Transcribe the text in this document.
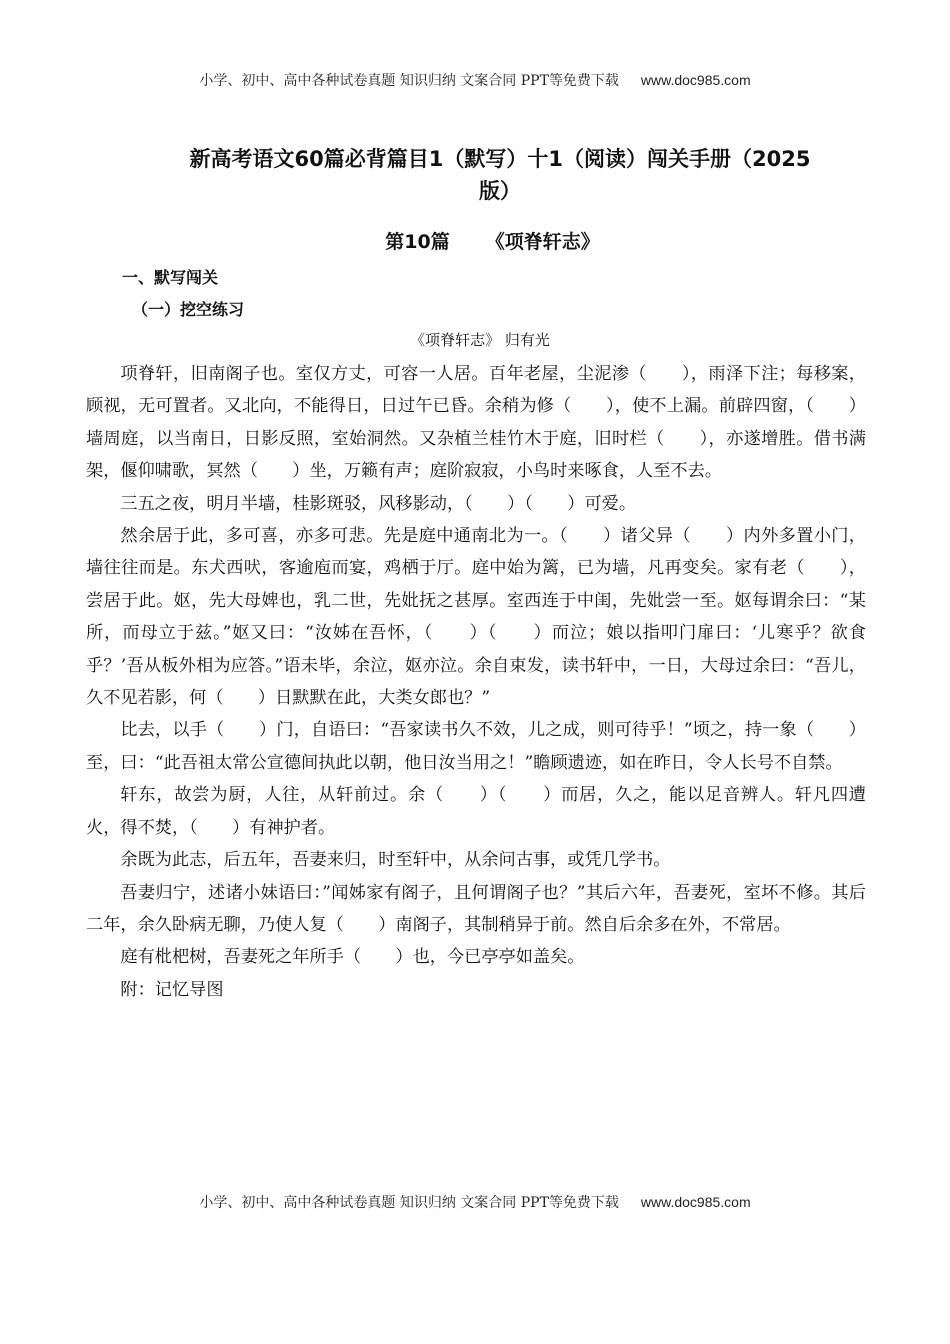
小学、初中、高中各种试卷真题 知识归纳 文案合同 PPT等免费下载 www.doc985.com
新高考语文60篇必背篇目1（默写）十1（阅读）闯关手册（2025
版）
第10篇 《项脊轩志》
一、默写闯关
（一）挖空练习
《项脊轩志》 归有光

项脊轩，旧南阁子也。室仅方丈，可容一人居。百年老屋，尘泥渗（　　），雨泽下注；每移案，顾视，无可置者。又北向，不能得日，日过午已昏。余稍为修（　　），使不上漏。前辟四窗，（　　）墙周庭，以当南日，日影反照，室始洞然。又杂植兰桂竹木于庭，旧时栏（　　），亦遂增胜。借书满架，偃仰啸歌，冥然（　　）坐，万籁有声；庭阶寂寂，小鸟时来啄食，人至不去。

三五之夜，明月半墙，桂影斑驳，风移影动，（　　）（　　）可爱。

然余居于此，多可喜，亦多可悲。先是庭中通南北为一。（　　）诸父异（　　）内外多置小门，墙往往而是。东犬西吠，客逾庖而宴，鸡栖于厅。庭中始为篱，已为墙，凡再变矣。家有老（　　），尝居于此。妪，先大母婢也，乳二世，先妣抚之甚厚。室西连于中闺，先妣尝一至。妪每谓余曰：“某所，而母立于兹。”妪又曰：“汝姊在吾怀，（　　）（　　）而泣；娘以指叩门扉曰：‘儿寒乎？欲食乎？’吾从板外相为应答。”语未毕，余泣，妪亦泣。余自束发，读书轩中，一日，大母过余曰：“吾儿，久不见若影，何（　　）日默默在此，大类女郎也？”

比去，以手（　　）门，自语曰：“吾家读书久不效，儿之成，则可待乎！”顷之，持一象（　　）至，曰：“此吾祖太常公宣德间执此以朝，他日汝当用之！”瞻顾遗迹，如在昨日，令人长号不自禁。

轩东，故尝为厨，人往，从轩前过。余（　　）（　　）而居，久之，能以足音辨人。轩凡四遭火，得不焚，（　　）有神护者。

余既为此志，后五年，吾妻来归，时至轩中，从余问古事，或凭几学书。

吾妻归宁，述诸小妹语曰：”闻姊家有阁子，且何谓阁子也？”其后六年，吾妻死，室坏不修。其后二年，余久卧病无聊，乃使人复（　　）南阁子，其制稍异于前。然自后余多在外，不常居。

庭有枇杷树，吾妻死之年所手（　　）也，今已亭亭如盖矣。

附：记忆导图

小学、初中、高中各种试卷真题 知识归纳 文案合同 PPT等免费下载 www.doc985.com
